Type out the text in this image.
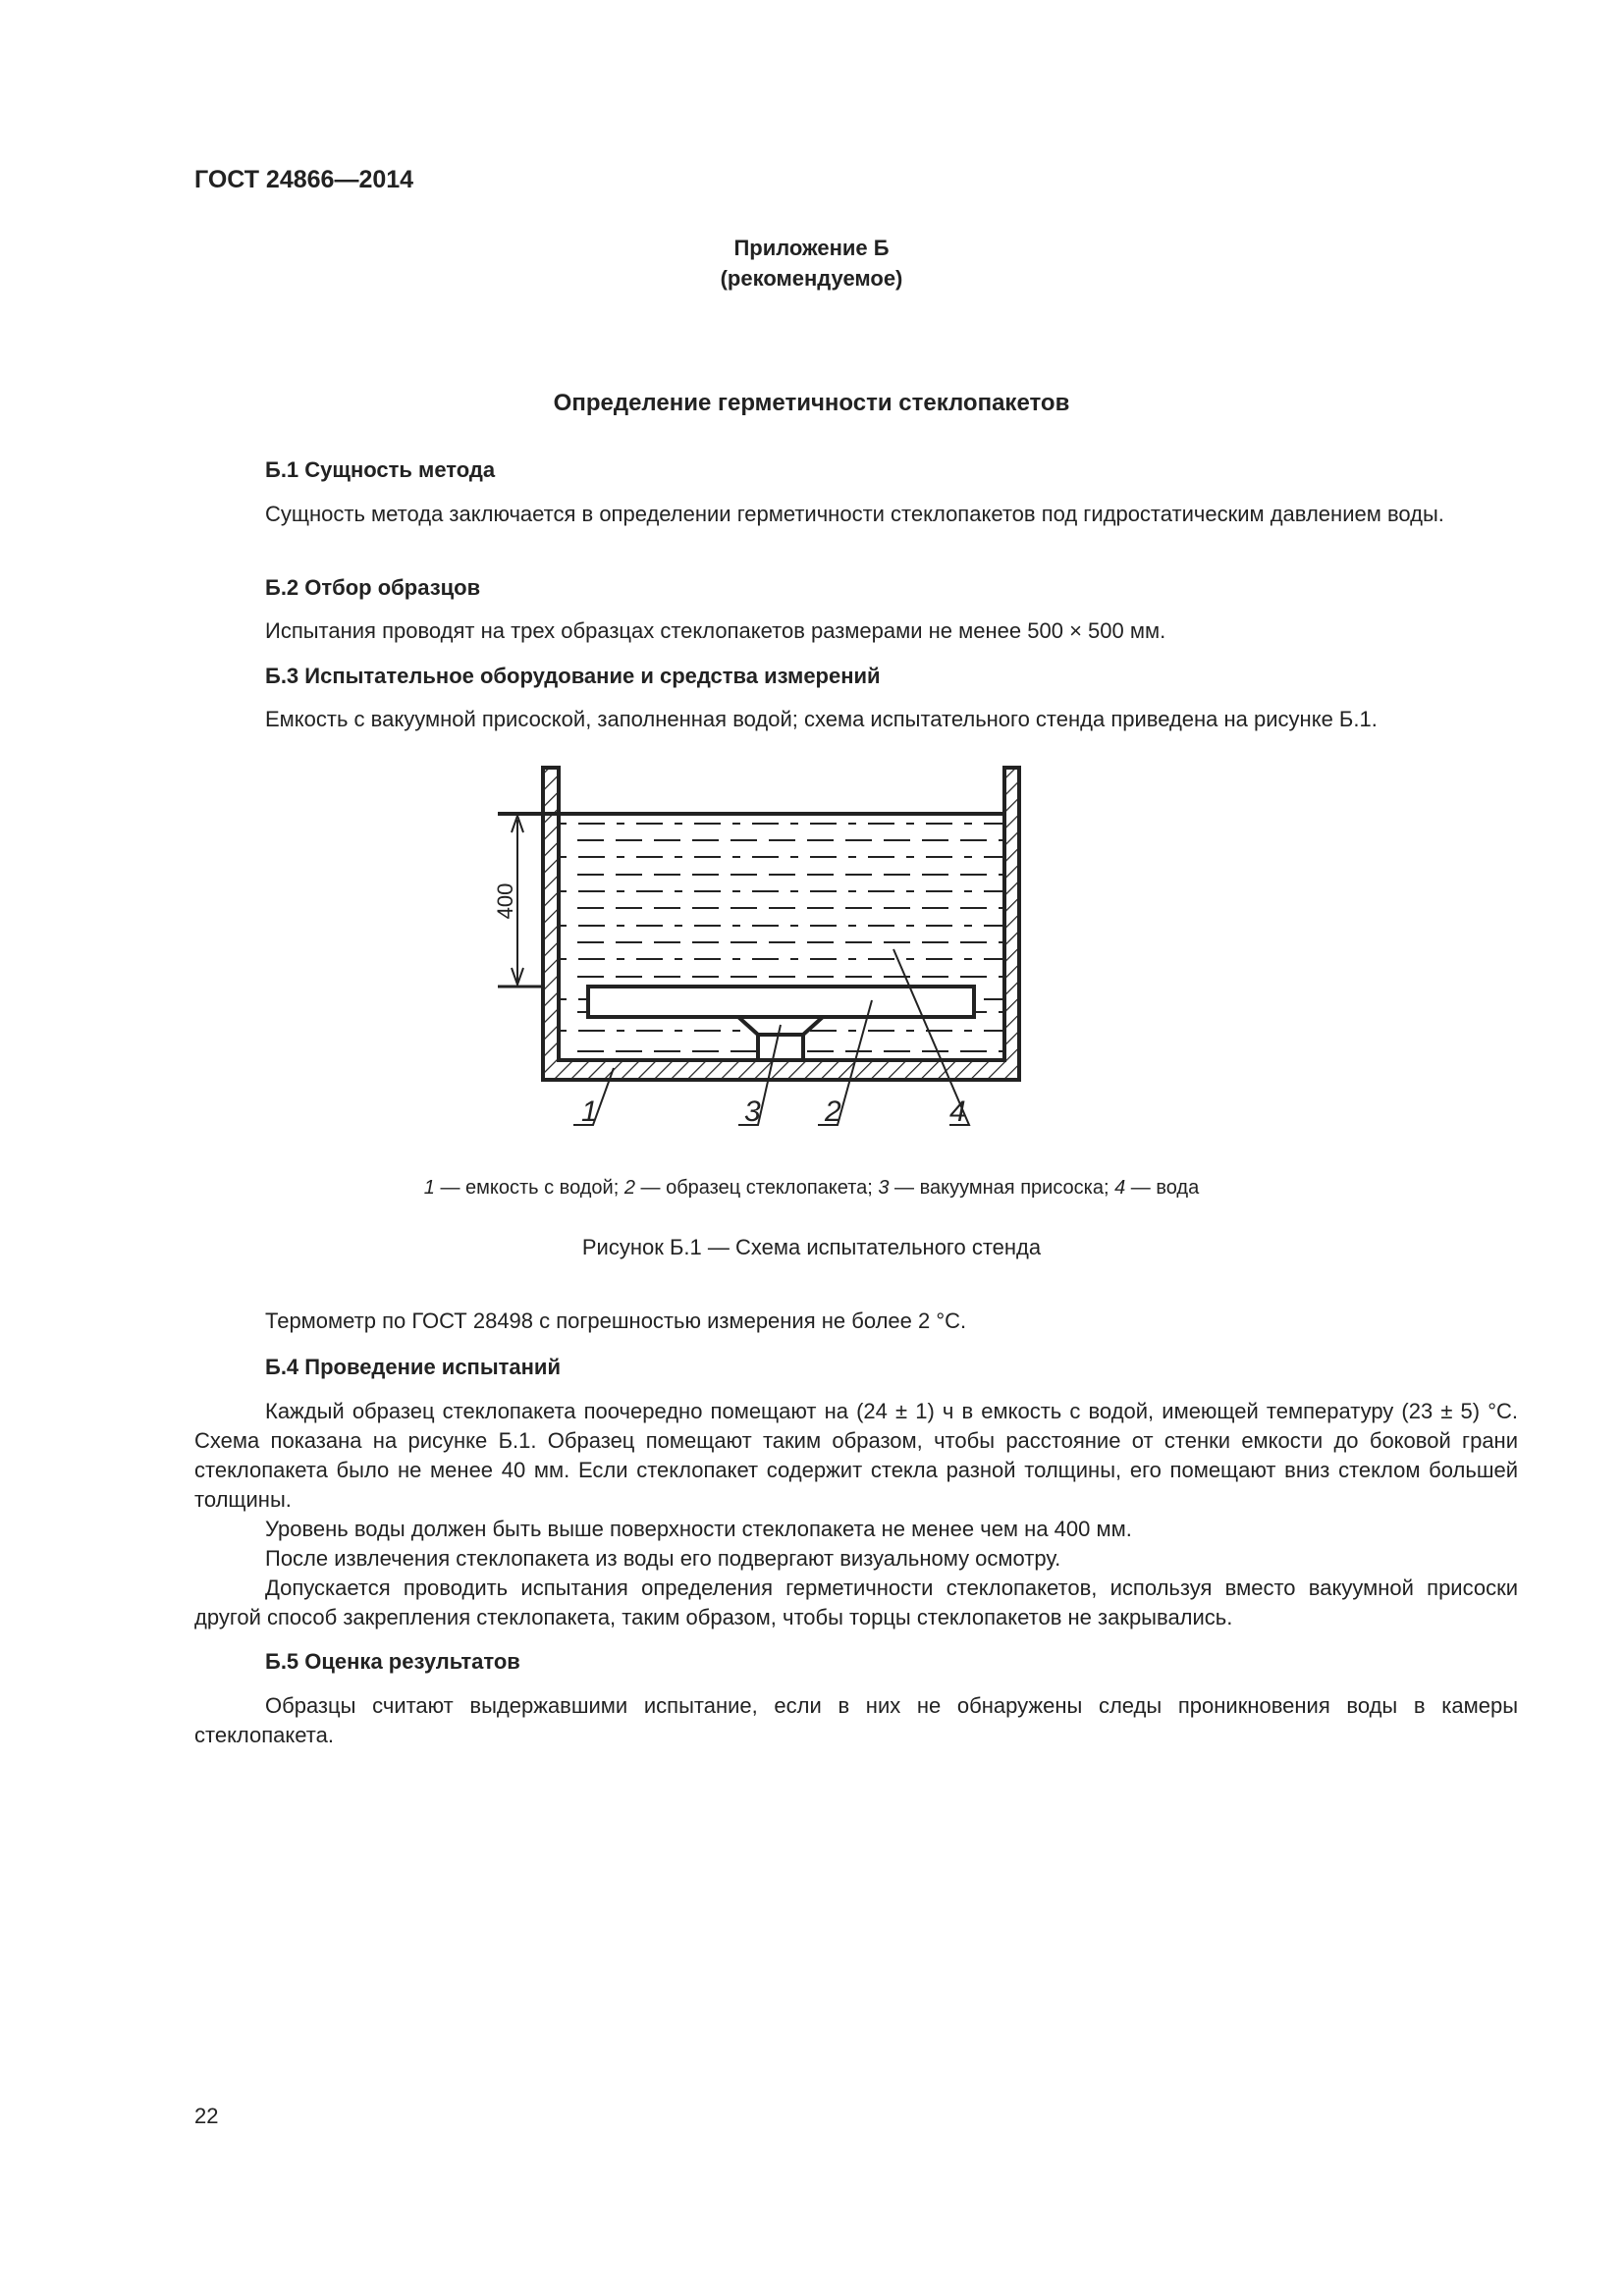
ГОСТ 24866—2014
Приложение Б
(рекомендуемое)
Определение герметичности стеклопакетов
Б.1 Сущность метода
Сущность метода заключается в определении герметичности стеклопакетов под гидростатическим давлением воды.
Б.2 Отбор образцов
Испытания проводят на трех образцах стеклопакетов размерами не менее 500 × 500 мм.
Б.3 Испытательное оборудование и средства измерений
Емкость с вакуумной присоской, заполненная водой; схема испытательного стенда приведена на рисунке Б.1.
400
1	2
3	4
1 — емкость с водой; 2 — образец стеклопакета; 3 — вакуумная присоска; 4 — вода
Рисунок Б.1 — Схема испытательного стенда
Термометр по ГОСТ 28498 с погрешностью измерения не более 2 °С.
Б.4 Проведение испытаний
Каждый образец стеклопакета поочередно помещают на (24 ± 1) ч в емкость с водой, имеющей температуру (23 ± 5) °С. Схема показана на рисунке Б.1. Образец помещают таким образом, чтобы расстояние от стенки емкости до боковой грани стеклопакета было не менее 40 мм. Если стеклопакет содержит стекла разной толщины, его помещают вниз стеклом большей толщины.
Уровень воды должен быть выше поверхности стеклопакета не менее чем на 400 мм.
После извлечения стеклопакета из воды его подвергают визуальному осмотру.
Допускается проводить испытания определения герметичности стеклопакетов, используя вместо вакуумной присоски другой способ закрепления стеклопакета, таким образом, чтобы торцы стеклопакетов не закрывались.
Б.5 Оценка результатов
Образцы считают выдержавшими испытание, если в них не обнаружены следы проникновения воды в камеры стеклопакета.
22
